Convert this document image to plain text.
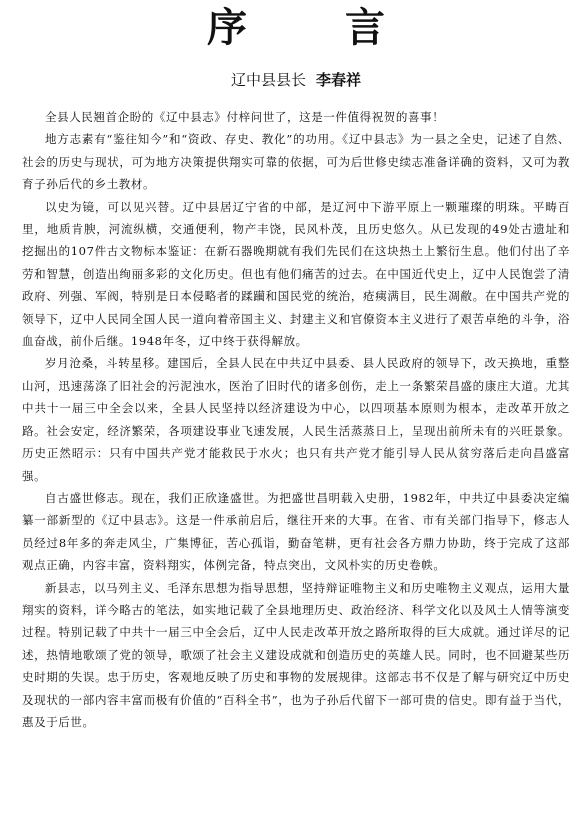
序 言
辽中县县长 李春祥

全县人民翘首企盼的《辽中县志》付梓问世了，这是一件值得祝贺的喜事！

地方志素有“鉴往知今”和“资政、存史、教化”的功用。《辽中县志》为一县之全史，记述了自然、社会的历史与现状，可为地方决策提供翔实可靠的依据，可为后世修史续志准备详确的资料，又可为教育子孙后代的乡土教材。

以史为镜，可以见兴替。辽中县居辽宁省的中部，是辽河中下游平原上一颗璀璨的明珠。平畴百里，地质肯腴，河流纵横，交通便利，物产丰饶，民风朴茂，且历史悠久。从已发现的49处古遗址和挖掘出的107件古文物标本鉴证：在新石器晚期就有我们先民们在这块热土上繁衍生息。他们付出了辛劳和智慧，创造出绚丽多彩的文化历史。但也有他们痛苦的过去。在中国近代史上，辽中人民饱尝了清政府、列强、军阀，特别是日本侵略者的蹂躏和国民党的统治，疮痍满目，民生凋敝。在中国共产党的领导下，辽中人民同全国人民一道向着帝国主义、封建主义和官僚资本主义进行了艰苦卓绝的斗争，浴血奋战，前仆后继。1948年冬，辽中终于获得解放。

岁月沧桑，斗转星移。建国后，全县人民在中共辽中县委、县人民政府的领导下，改天换地，重整山河，迅速荡涤了旧社会的污泥浊水，医治了旧时代的诸多创伤，走上一条繁荣昌盛的康庄大道。尤其中共十一届三中全会以来，全县人民坚持以经济建设为中心，以四项基本原则为根本，走改革开放之路。社会安定，经济繁荣，各项建设事业飞速发展，人民生活蒸蒸日上，呈现出前所未有的兴旺景象。历史正然昭示：只有中国共产党才能救民于水火；也只有共产党才能引导人民从贫穷落后走向昌盛富强。

自古盛世修志。现在，我们正欣逢盛世。为把盛世昌明载入史册，1982年，中共辽中县委决定编纂一部新型的《辽中县志》。这是一件承前启后，继往开来的大事。在省、市有关部门指导下，修志人员经过8年多的奔走风尘，广集博征，苦心孤诣，勤奋笔耕，更有社会各方鼎力协助，终于完成了这部观点正确，内容丰富，资料翔实，体例完备，特点突出，文风朴实的历史卷帙。

新县志，以马列主义、毛泽东思想为指导思想，坚持辩证唯物主义和历史唯物主义观点，运用大量翔实的资料，详今略古的笔法，如实地记载了全县地理历史、政治经济、科学文化以及风土人情等演变过程。特别记载了中共十一届三中全会后，辽中人民走改革开放之路所取得的巨大成就。通过详尽的记述，热情地歌颂了党的领导，歌颂了社会主义建设成就和创造历史的英雄人民。同时，也不回避某些历史时期的失误。忠于历史，客观地反映了历史和事物的发展规律。这部志书不仅是了解与研究辽中历史及现状的一部内容丰富而极有价值的“百科全书”，也为子孙后代留下一部可贵的信史。即有益于当代，惠及于后世。
